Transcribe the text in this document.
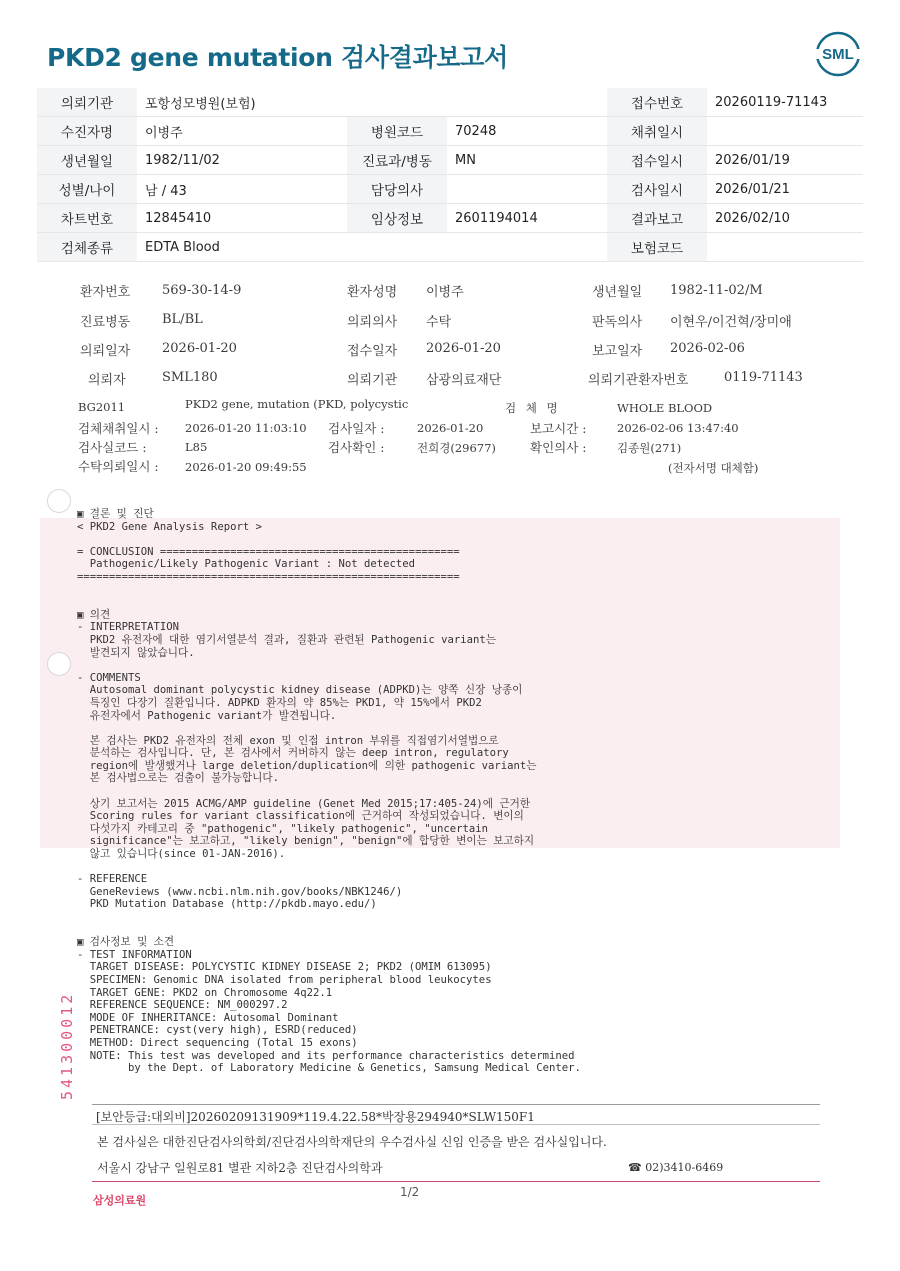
PKD2 gene mutation 검사결과보고서	SML
의뢰기관	포항성모병원(보험)			접수번호	20260119-71143
수진자명	이병주	병원코드	70248	채취일시	
생년월일	1982/11/02	진료과/병동	MN	접수일시	2026/01/19
성별/나이	남 / 43	담당의사		검사일시	2026/01/21
차트번호	12845410	임상정보	2601194014	결과보고	2026/02/10
검체종류	EDTA Blood			보험코드	
환자번호 569-30-14-9	환자성명 이병주	생년월일 1982-11-02/M
진료병동 BL/BL	의뢰의사 수탁	판독의사 이현우/이건혁/장미애
의뢰일자 2026-01-20	접수일자 2026-01-20	보고일자 2026-02-06
의뢰자	SML180	의뢰기관 삼광의료재단	의뢰기관환자번호	0119-71143
BG2011	PKD2 gene, mutation (PKD, polycystic	검 체 명	WHOLE BLOOD
검체채취일시 : 2026-01-20 11:03:10 검사일자 :	2026-01-20	보고시간 :	2026-02-06 13:47:40
검사실코드 :	L85	검사확인 :	전희경(29677)	확인의사 :	김종원(271)
수탁의뢰일시 : 2026-01-20 09:49:55	(전자서명 대체함)
▣ 결론 및 진단
< PKD2 Gene Analysis Report >

= CONCLUSION ===============================================
Pathogenic/Likely Pathogenic Variant : Not detected
============================================================

▣ 의견
- INTERPRETATION
PKD2 유전자에 대한 염기서열분석 결과, 질환과 관련된 Pathogenic variant는
발견되지 않았습니다.

- COMMENTS
Autosomal dominant polycystic kidney disease (ADPKD)는 양쪽 신장 낭종이
특징인 다장기 질환입니다. ADPKD 환자의 약 85%는 PKD1, 약 15%에서 PKD2
유전자에서 Pathogenic variant가 발견됩니다.

본 검사는 PKD2 유전자의 전체 exon 및 인접 intron 부위를 직접염기서열법으로
분석하는 검사입니다. 단, 본 검사에서 커버하지 않는 deep intron, regulatory
region에 발생했거나 large deletion/duplication에 의한 pathogenic variant는
본 검사법으로는 검출이 불가능합니다.

상기 보고서는 2015 ACMG/AMP guideline (Genet Med 2015;17:405-24)에 근거한
Scoring rules for variant classification에 근거하여 작성되었습니다. 변이의
다섯가지 카테고리 중 "pathogenic", "likely pathogenic", "uncertain
significance"는 보고하고, "likely benign", "benign"에 합당한 변이는 보고하지
않고 있습니다(since 01-JAN-2016).

- REFERENCE
GeneReviews (www.ncbi.nlm.nih.gov/books/NBK1246/)
PKD Mutation Database (http://pkdb.mayo.edu/)

▣ 검사정보 및 소견
- TEST INFORMATION
TARGET DISEASE: POLYCYSTIC KIDNEY DISEASE 2; PKD2 (OMIM 613095)
SPECIMEN: Genomic DNA isolated from peripheral blood leukocytes
TARGET GENE: PKD2 on Chromosome 4q22.1
REFERENCE SEQUENCE: NM_000297.2
MODE OF INHERITANCE: Autosomal Dominant
PENETRANCE: cyst(very high), ESRD(reduced)
METHOD: Direct sequencing (Total 15 exons)
NOTE: This test was developed and its performance characteristics determined
by the Dept. of Laboratory Medicine & Genetics, Samsung Medical Center.
541300012
[보안등급:대외비]20260209131909*119.4.22.58*박장용294940*SLW150F1
본 검사실은 대한진단검사의학회/진단검사의학재단의 우수검사실 신임 인증을 받은 검사실입니다.
서울시 강남구 일원로81 별관 지하2층 진단검사의학과	☎ 02)3410-6469
1/2
삼성의료원
